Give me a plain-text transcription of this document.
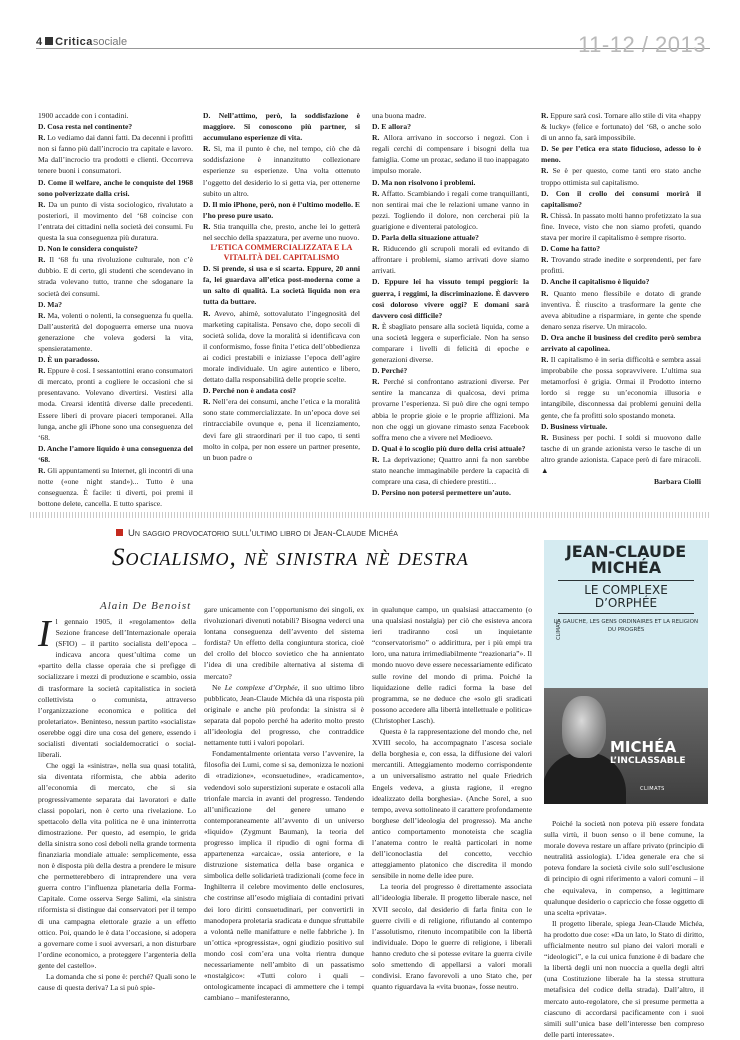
4 Criticasociale	11-12 / 2013

1900 accadde con i contadini.

D. Cosa resta nel continente?

R. Lo vediamo dai danni fatti. Da decenni i profitti non si fanno più dall’incrocio tra capitale e lavoro. Ma dall’incrocio tra prodotti e clienti. Occorreva tenere buoni i consumatori.

D. Come il welfare, anche le conquiste del 1968 sono polverizzate dalla crisi.

R. Da un punto di vista sociologico, rivalutato a posteriori, il movimento del ‘68 coincise con l’entrata dei cittadini nella società dei consumi. Fu questa la sua conseguenza più duratura.

D. Non le considera conquiste?

R. Il ‘68 fu una rivoluzione culturale, non c’è dubbio. E di certo, gli studenti che scendevano in strada volevano tutto, tranne che sdoganare la società dei consumi.

D. Ma?

R. Ma, volenti o nolenti, la conseguenza fu quella. Dall’austerità del dopoguerra emerse una nuova generazione che voleva godersi la vita, spensieratamente.

D. È un paradosso.

R. Eppure è così. I sessantottini erano consumatori di mercato, pronti a cogliere le occasioni che si presentavano. Volevano divertirsi. Vestirsi alla moda. Crearsi identità diverse dalle precedenti. Essere liberi di provare piaceri temporanei. Alla lunga, anche gli iPhone sono una conseguenza del ‘68.

D. Anche l’amore liquido è una conseguenza del ‘68.

R. Gli appuntamenti su Internet, gli incontri di una notte («one night stand»)... Tutto è una conseguenza. È facile: ti diverti, poi premi il bottone delete, cancella. E tutto sparisce.

D. Nell’attimo, però, la soddisfazione è maggiore. Si conoscono più partner, si accumulano esperienze di vita.

R. Sì, ma il punto è che, nel tempo, ciò che dà soddisfazione è innanzitutto collezionare esperienze su esperienze. Una volta ottenuto l’oggetto del desiderio lo si getta via, per ottenerne subito un altro.

D. Il mio iPhone, però, non è l’ultimo modello. E l’ho preso pure usato.

R. Stia tranquilla che, presto, anche lei lo getterà nel secchio della spazzatura, per averne uno nuovo.

L’ETICA COMMERCIALIZZATA E LA VITALITÀ DEL CAPITALISMO

D. Si prende, si usa e si scarta. Eppure, 20 anni fa, lei guardava all’etica post-moderna come a un salto di qualità. La società liquida non era tutta da buttare.

R. Avevo, ahimè, sottovalutato l’ingegnosità del marketing capitalista. Pensavo che, dopo secoli di società solida, dove la moralità si identificava con il conformismo, fosse finita l’etica dell’obbedienza ai codici prestabili e iniziasse l’epoca dell’agire morale individuale. Un agire autentico e libero, dettato dalla responsabilità delle proprie scelte.

D. Perché non è andata così?

R. Nell’era dei consumi, anche l’etica e la moralità sono state commercializzate. In un’epoca dove sei rintracciabile ovunque e, pena il licenziamento, devi fare gli straordinari per il tuo capo, ti senti molto in colpa, per non essere un partner presente, un buon padre o

una buona madre.

D. E allora?

R. Allora arrivano in soccorso i negozi. Con i regali cerchi di compensare i bisogni della tua famiglia. Come un prozac, sedano il tuo inappagato impulso morale.

D. Ma non risolvono i problemi.

R. Affatto. Scambiando i regali come tranquillanti, non sentirai mai che le relazioni umane vanno in pezzi. Togliendo il dolore, non cercherai più la guarigione e diventerai patologico.

D. Parla della situazione attuale?

R. Riducendo gli scrupoli morali ed evitando di affrontare i problemi, siamo arrivati dove siamo arrivati.

D. Eppure lei ha vissuto tempi peggiori: la guerra, i reggimi, la discriminazione. È davvero così doloroso vivere oggi? E domani sarà davvero così difficile?

R. È sbagliato pensare alla società liquida, come a una società leggera e superficiale. Non ha senso comparare i livelli di felicità di epoche e generazioni diverse.

D. Perché?

R. Perché si confrontano astrazioni diverse. Per sentire la mancanza di qualcosa, devi prima provarne l’esperienza. Si può dire che ogni tempo abbia le proprie gioie e le proprie afflizioni. Ma non che oggi un giovane rimasto senza Facebook soffra meno che a vivere nel Medioevo.

D. Qual è lo scoglio più duro della crisi attuale?

R. La deprivazione; Quattro anni fa non sarebbe stato neanche immaginabile perdere la capacità di comprare una casa, di chiedere prestiti…

D. Persino non potersi permettere un’auto.

R. Eppure sarà così. Tornare allo stile di vita «happy & lucky» (felice e fortunato) del ‘68, o anche solo di un anno fa, sarà impossibile.

D. Se per l’etica era stato fiducioso, adesso lo è meno.

R. Se è per questo, come tanti ero stato anche troppo ottimista sul capitalismo.

D. Con il crollo dei consumi morirà il capitalismo?

R. Chissà. In passato molti hanno profetizzato la sua fine. Invece, visto che non siamo profeti, quando stava per morire il capitalismo è sempre risorto.

D. Come ha fatto?

R. Trovando strade inedite e sorprendenti, per fare profitti.

D. Anche il capitalismo è liquido?

R. Quanto meno flessibile e dotato di grande inventiva. È riuscito a trasformare la gente che aveva abitudine a risparmiare, in gente che spende denaro senza riserve. Un miracolo.

D. Ora anche il business del credito però sembra arrivato al capolinea.

R. Il capitalismo è in seria difficoltà e sembra assai improbabile che possa sopravvivere. L’ultima sua metamorfosi è grigia. Ormai il Prodotto interno lordo si regge su un’economia illusoria e intangibile, disconnessa dai problemi genuini della gente, che fa profitti solo spostando moneta.

D. Business virtuale.

R. Business per pochi. I soldi si muovono dalle tasche di un grande azionista verso le tasche di un altro grande azionista. Capace però di fare miracoli. ▲

Barbara Ciolli

Un saggio provocatorio sull’ultimo libro di Jean-Claude Michéa
Socialismo, nè sinistra nè destra
Alain De Benoist

Il gennaio 1905, il «regolamento» della Sezione francese dell’Internazionale operaia (SFIO) – il partito socialista dell’epoca – indicava ancora quest’ultima come un «partito della classe operaia che si prefigge di socializzare i mezzi di produzione e scambio, ossia di trasformare la società capitalistica in società collettivista o comunista, attraverso l’organizzazione economica e politica del proletariato». Beninteso, nessun partito «socialista» oserebbe oggi dire una cosa del genere, essendo i socialisti diventati socialdemocratici o social-liberali.

Che oggi la «sinistra», nella sua quasi totalità, sia diventata riformista, che abbia aderito all’economia di mercato, che si sia progressivamente separata dai lavoratori e dalle classi popolari, non è certo una rivelazione. Lo spettacolo della vita politica ne è una ininterrotta dimostrazione. Per questo, ad esempio, le grida della sinistra sono così deboli nella grande tormenta finanziaria mondiale attuale: semplicemente, essa non è disposta più della destra a prendere le misure che permetterebbero di intraprendere una vera guerra contro l’influenza planetaria della Forma-Capitale. Come osserva Serge Salimi, «la sinistra riformista si distingue dai conservatori per il tempo di una campagna elettorale grazie a un effetto ottico. Poi, quando le è data l’occasione, si adopera a governare come i suoi avversari, a non disturbare l’ordine economico, a proteggere l’argenteria della gente del castello».

La domanda che si pone è: perché? Quali sono le cause di questa deriva? La si può spie-

gare unicamente con l’opportunismo dei singoli, ex rivoluzionari divenuti notabili? Bisogna vederci una lontana conseguenza dell’avvento del sistema fordista? Un effetto della congiuntura storica, cioè del crollo del blocco sovietico che ha annientato l’idea di una credibile alternativa al sistema di mercato?

Ne Le complexe d’Orphée, il suo ultimo libro pubblicato, Jean-Claude Michéa dà una risposta più originale e anche più profonda: la sinistra si è separata dal popolo perché ha aderito molto presto all’ideologia del progresso, che contraddice nettamente tutti i valori popolari.

Fondamentalmente orientata verso l’avvenire, la filosofia dei Lumi, come si sa, demonizza le nozioni di «tradizione», «consuetudine», «radicamento», vedendovi solo superstizioni superate e ostacoli alla trionfale marcia in avanti del progresso. Tendendo all’unificazione del genere umano e contemporaneamente all’avvento di un universo «liquido» (Zygmunt Bauman), la teoria del progresso implica il ripudio di ogni forma di appartenenza «arcaica», ossia anteriore, e la distruzione sistematica della base organica e simbolica delle solidarietà tradizionali (come fece in Inghilterra il celebre movimento delle enclosures, che costrinse all’esodo migliaia di contadini privati dei loro diritti consuetudinari, per convertirli in manodopera proletaria sradicata e dunque sfruttabile a volontà nelle manifatture e nelle fabbriche ). In un’ottica «progressista», ogni giudizio positivo sul mondo così com’era una volta rientra dunque necessariamente nell’ambito di un passatismo «nostalgico»: «Tutti coloro i quali – ontologicamente incapaci di ammettere che i tempi cambiano – manifesteranno,

in qualunque campo, un qualsiasi attaccamento (o una qualsiasi nostalgia) per ciò che esisteva ancora ieri tradiranno così un inquietante “conservatorismo” o addirittura, per i più empi tra loro, una natura irrimediabilmente “reazionaria”». Il mondo nuovo deve essere necessariamente edificato sulle rovine del mondo di prima. Poiché la liquidazione delle radici forma la base del programma, se ne deduce che «solo gli sradicati possono accedere alla libertà intellettuale e politica» (Christopher Lasch).

Questa è la rappresentazione del mondo che, nel XVIII secolo, ha accompagnato l’ascesa sociale della borghesia e, con essa, la diffusione dei valori mercantili. Atteggiamento moderno corrispondente a un universalismo astratto nel quale Friedrich Engels vedeva, a giusta ragione, il «regno idealizzato della borghesia». (Anche Sorel, a suo tempo, aveva sottolineato il carattere profondamente borghese dell’ideologia del progresso). Ma anche antico comportamento monoteista che scaglia l’anatema contro le realtà particolari in nome dell’iconoclastia del concetto, vecchio atteggiamento platonico che discredita il mondo sensibile in nome delle idee pure.

La teoria del progresso è direttamente associata all’ideologia liberale. Il progetto liberale nasce, nel XVII secolo, dal desiderio di farla finita con le guerre civili e di religione, rifiutando al contempo l’assolutismo, ritenuto incompatibile con la libertà individuale. Dopo le guerre di religione, i liberali hanno creduto che si potesse evitare la guerra civile solo smettendo di appellarsi a valori morali condivisi. Erano favorevoli a uno Stato che, per quanto riguardava la «vita buona», fosse neutro.

JEAN-CLAUDE MICHÉA
LE COMPLEXE D’ORPHÉE
LA GAUCHE, LES GENS ORDINAIRES ET LA RELIGION DU PROGRÈS
CLIMATS
MICHÉA
L’INCLASSABLE
CLIMATS

Poiché la società non poteva più essere fondata sulla virtù, il buon senso o il bene comune, la morale doveva restare un affare privato (principio di neutralità assiologia). L’idea generale era che si poteva fondare la società civile solo sull’esclusione di principio di ogni riferimento a valori comuni – il che equivaleva, in compenso, a legittimare qualunque desiderio o capriccio che fosse oggetto di una scelta «privata».

Il progetto liberale, spiega Jean-Claude Michéa, ha prodotto due cose: «Da un lato, lo Stato di diritto, ufficialmente neutro sul piano dei valori morali e “ideologici”, e la cui unica funzione è di badare che la libertà degli uni non nuoccia a quella degli altri (una Costituzione liberale ha la stessa struttura metafisica del codice della strada). Dall’altro, il mercato auto-regolatore, che si presume permetta a ciascuno di accordarsi pacificamente con i suoi simili sull’unica base dell’interesse ben compreso delle parti interessate».
